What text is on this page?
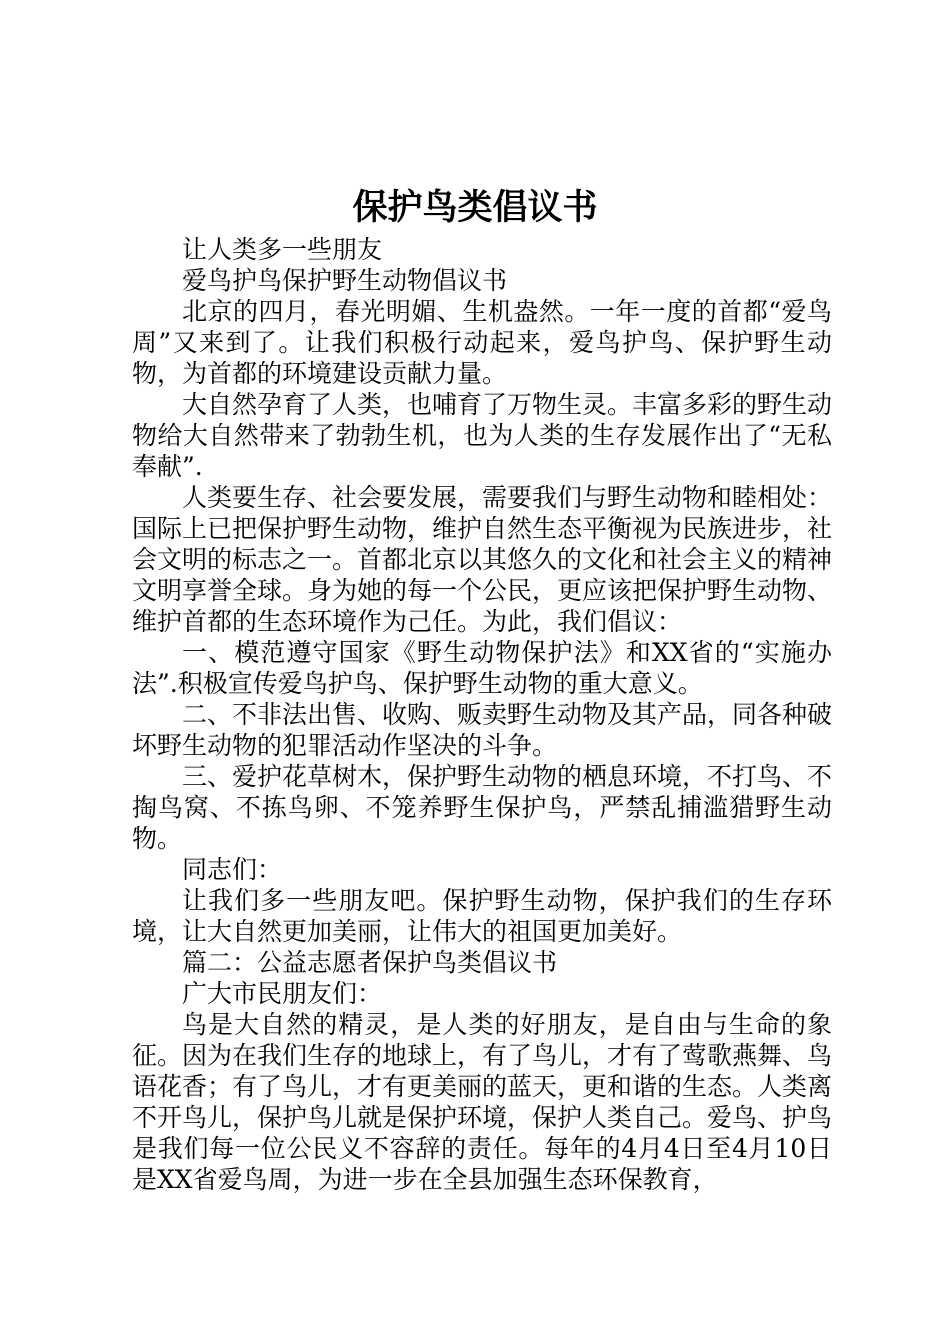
保护鸟类倡议书

让人类多一些朋友

爱鸟护鸟保护野生动物倡议书

北京的四月，春光明媚、生机盎然。一年一度的首都“爱鸟周”又来到了。让我们积极行动起来，爱鸟护鸟、保护野生动物，为首都的环境建设贡献力量。

大自然孕育了人类，也哺育了万物生灵。丰富多彩的野生动物给大自然带来了勃勃生机，也为人类的生存发展作出了“无私奉献”.

人类要生存、社会要发展，需要我们与野生动物和睦相处：国际上已把保护野生动物，维护自然生态平衡视为民族进步，社会文明的标志之一。首都北京以其悠久的文化和社会主义的精神文明享誉全球。身为她的每一个公民，更应该把保护野生动物、维护首都的生态环境作为己任。为此，我们倡议：

一、模范遵守国家《野生动物保护法》和XX省的“实施办法”.积极宣传爱鸟护鸟、保护野生动物的重大意义。

二、不非法出售、收购、贩卖野生动物及其产品，同各种破坏野生动物的犯罪活动作坚决的斗争。

三、爱护花草树木，保护野生动物的栖息环境，不打鸟、不掏鸟窝、不拣鸟卵、不笼养野生保护鸟，严禁乱捕滥猎野生动物。

同志们：

让我们多一些朋友吧。保护野生动物，保护我们的生存环境，让大自然更加美丽，让伟大的祖国更加美好。

篇二：公益志愿者保护鸟类倡议书

广大市民朋友们：

鸟是大自然的精灵，是人类的好朋友，是自由与生命的象征。因为在我们生存的地球上，有了鸟儿，才有了莺歌燕舞、鸟语花香；有了鸟儿，才有更美丽的蓝天，更和谐的生态。人类离不开鸟儿，保护鸟儿就是保护环境，保护人类自己。爱鸟、护鸟是我们每一位公民义不容辞的责任。每年的4月4日至4月10日是XX省爱鸟周，为进一步在全县加强生态环保教育，
